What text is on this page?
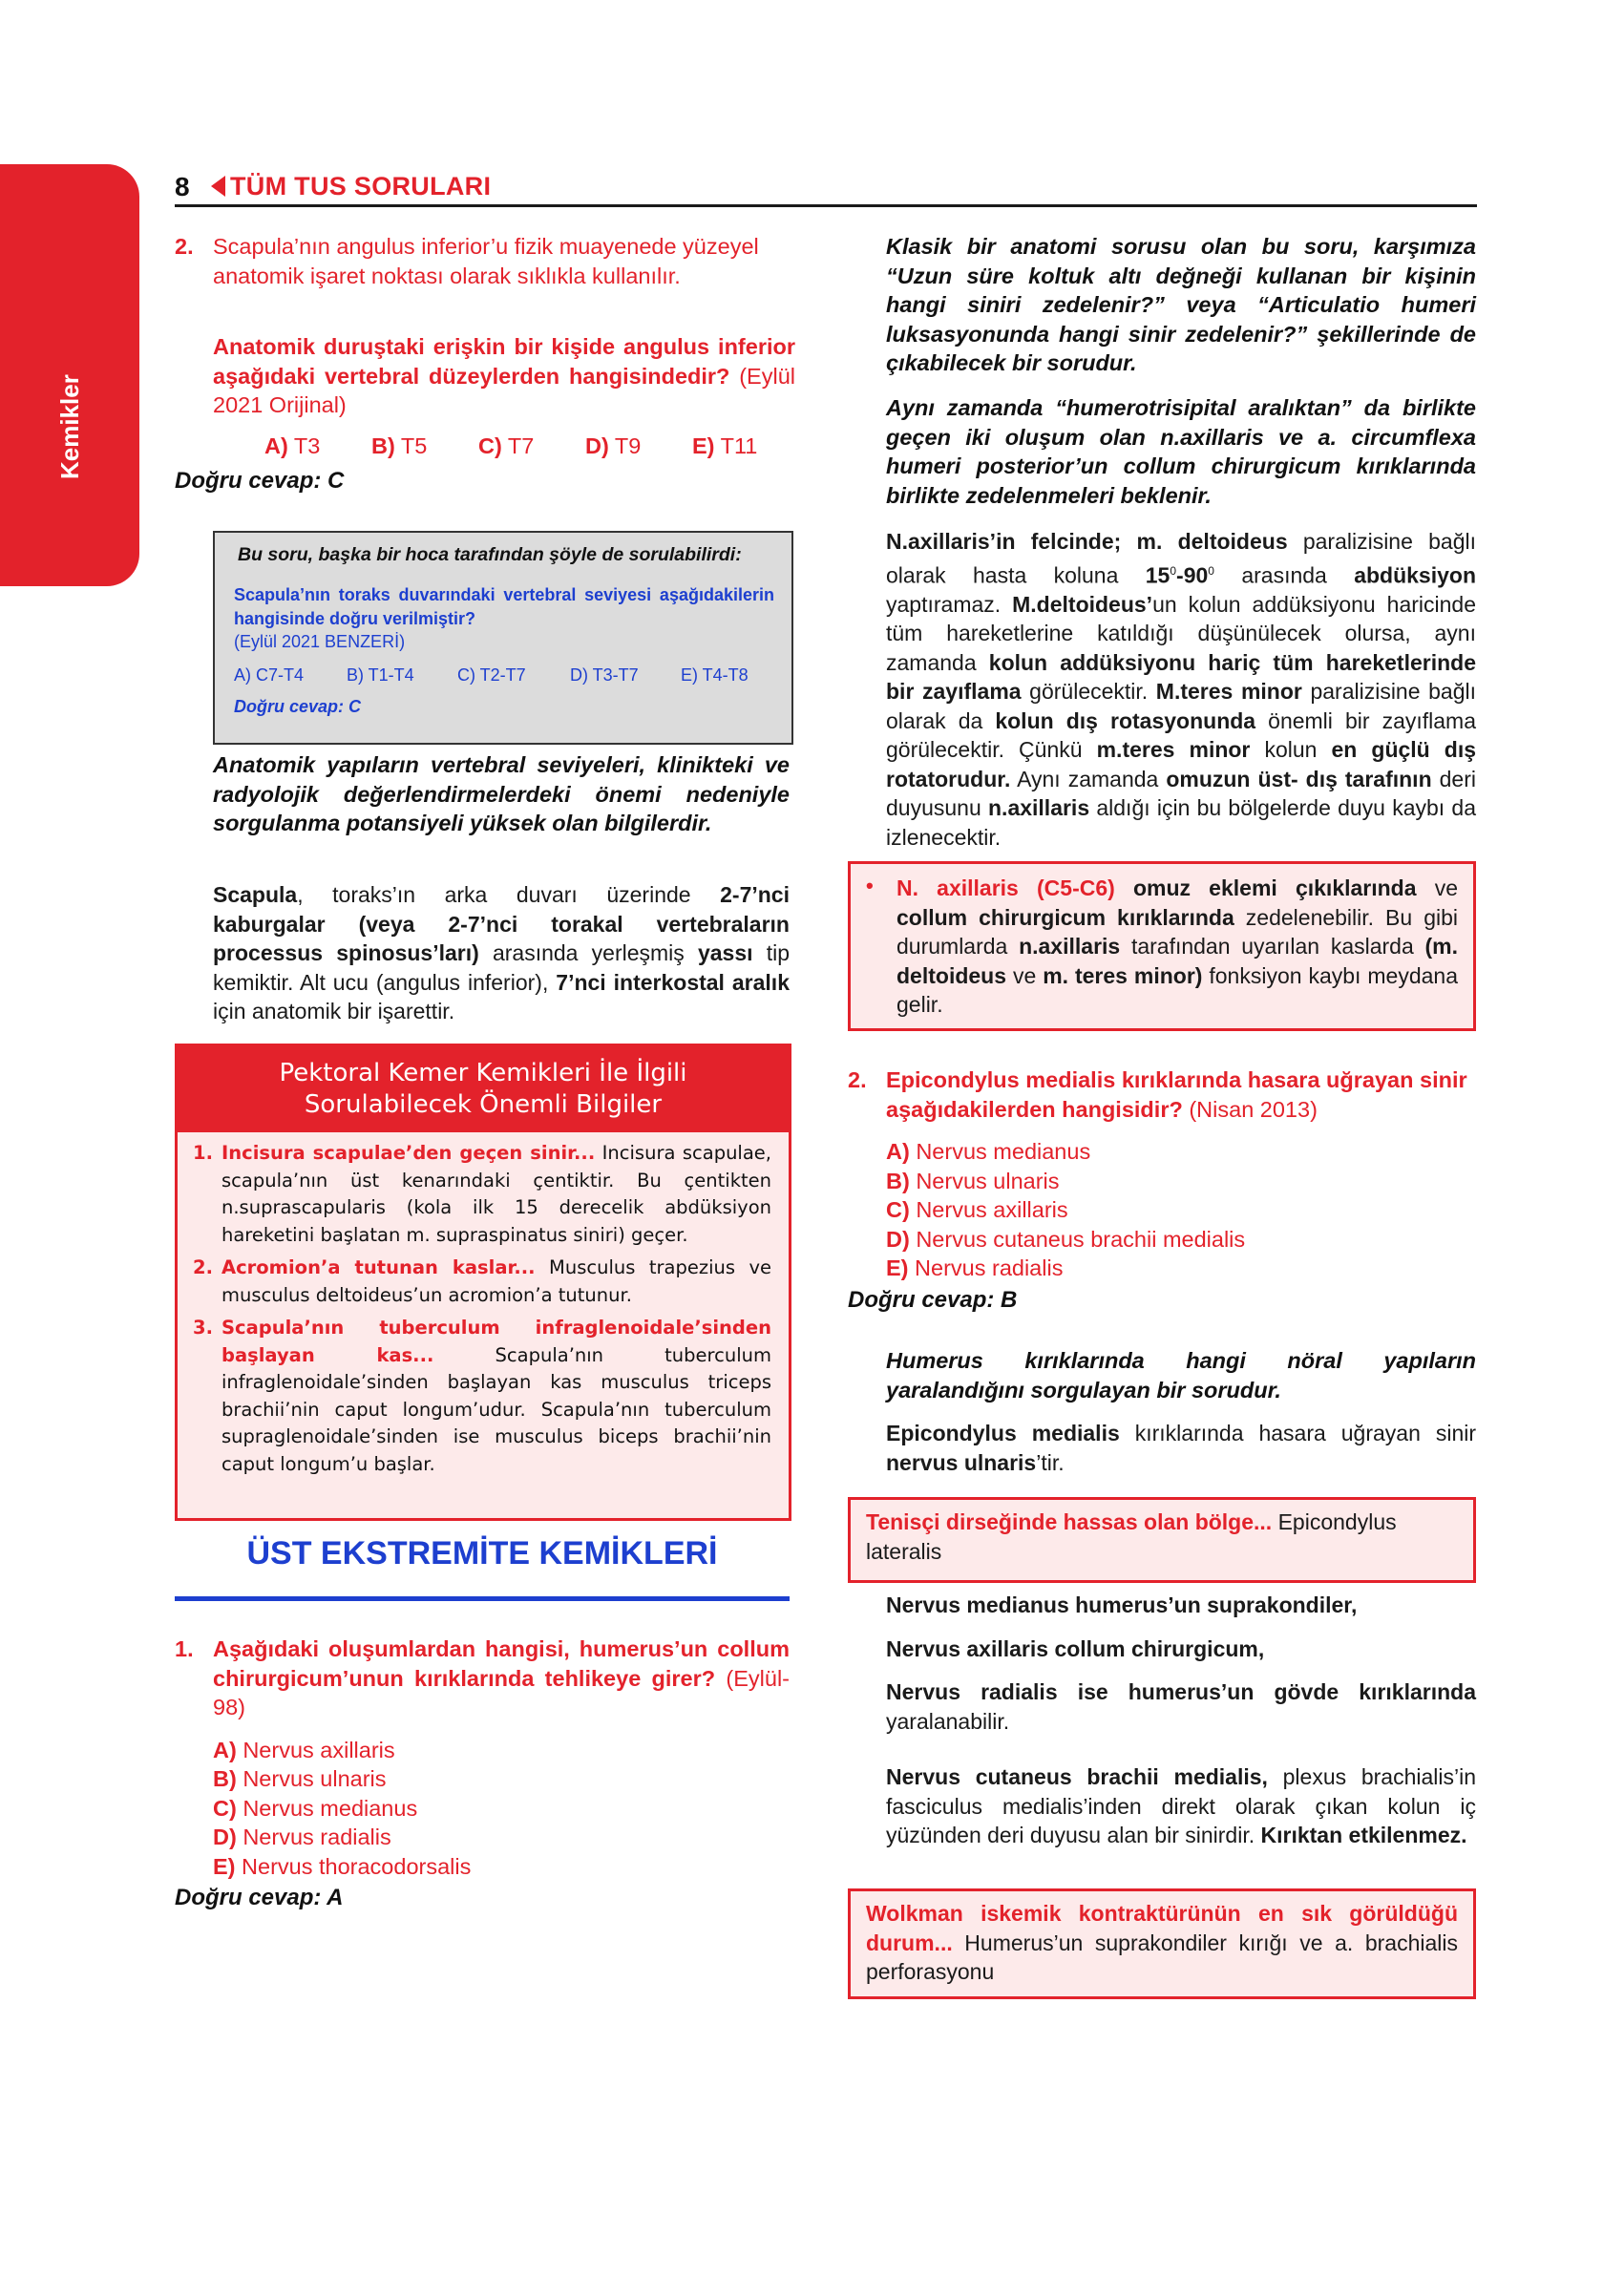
Kemikler
8 TÜM TUS SORULARI
2. Scapula’nın angulus inferior’u fizik muayenede yüzeyel anatomik işaret noktası olarak sıklıkla kullanılır.

Anatomik duruştaki erişkin bir kişide angulus inferior aşağıdaki vertebral düzeylerden hangisindedir? (Eylül 2021 Orijinal)

A) T3	B) T5	C) T7	D) T9	E) T11

Doğru cevap: C

Bu soru, başka bir hoca tarafından şöyle de sorulabilirdi:

Scapula’nın toraks duvarındaki vertebral seviyesi aşağıdakilerin hangisinde doğru verilmiştir?

(Eylül 2021 BENZERİ)

A) C7-T4	B) T1-T4	C) T2-T7	D) T3-T7	E) T4-T8

Doğru cevap: C

Anatomik yapıların vertebral seviyeleri, klinikteki ve radyolojik değerlendirmelerdeki önemi nedeniyle sorgulanma potansiyeli yüksek olan bilgilerdir.

Scapula, toraks’ın arka duvarı üzerinde 2-7’nci kaburgalar (veya 2-7’nci torakal vertebraların processus spinosus’ları) arasında yerleşmiş yassı tip kemiktir. Alt ucu (angulus inferior), 7’nci interkostal aralık için anatomik bir işarettir.

Pektoral Kemer Kemikleri İle İlgili
Sorulabilecek Önemli Bilgiler
1. Incisura scapulae’den geçen sinir... Incisura scapulae, scapula’nın üst kenarındaki çentiktir. Bu çentikten n.suprascapularis (kola ilk 15 derecelik abdüksiyon hareketini başlatan m. supraspinatus siniri) geçer.
2. Acromion’a tutunan kaslar... Musculus trapezius ve musculus deltoideus’un acromion’a tutunur.
3. Scapula’nın tuberculum infraglenoidale’sinden başlayan kas... Scapula’nın tuberculum infraglenoidale’sinden başlayan kas musculus triceps brachii’nin caput longum’udur. Scapula’nın tuberculum supraglenoidale’sinden ise musculus biceps brachii’nin caput longum’u başlar.
ÜST EKSTREMİTE KEMİKLERİ
1. Aşağıdaki oluşumlardan hangisi, humerus’un collum chirurgicum’unun kırıklarında tehlikeye girer? (Eylül-98)

A) Nervus axillaris
B) Nervus ulnaris
C) Nervus medianus
D) Nervus radialis
E) Nervus thoracodorsalis

Doğru cevap: A

Klasik bir anatomi sorusu olan bu soru, karşımıza “Uzun süre koltuk altı değneği kullanan bir kişinin hangi siniri zedelenir?” veya “Articulatio humeri luksasyonunda hangi sinir zedelenir?” şekillerinde de çıkabilecek bir sorudur.

Aynı zamanda “humerotrisipital aralıktan” da birlikte geçen iki oluşum olan n.axillaris ve a. circumflexa humeri posterior’un collum chirurgicum kırıklarında birlikte zedelenmeleri beklenir.

N.axillaris’in felcinde; m. deltoideus paralizisine bağlı olarak hasta koluna $15^0-90^0$ arasında abdüksiyon yaptıramaz. M.deltoideus’un kolun addüksiyonu haricinde tüm hareketlerine katıldığı düşünülecek olursa, aynı zamanda kolun addüksiyonu hariç tüm hareketlerinde bir zayıflama görülecektir. M.teres minor paralizisine bağlı olarak da kolun dış rotasyonunda önemli bir zayıflama görülecektir. Çünkü m.teres minor kolun en güçlü dış rotatorudur. Aynı zamanda omuzun üst- dış tarafının deri duyusunu n.axillaris aldığı için bu bölgelerde duyu kaybı da izlenecektir.

• N. axillaris (C5-C6) omuz eklemi çıkıklarında ve collum chirurgicum kırıklarında zedelenebilir. Bu gibi durumlarda n.axillaris tarafından uyarılan kaslarda (m. deltoideus ve m. teres minor) fonksiyon kaybı meydana gelir.

2. Epicondylus medialis kırıklarında hasara uğrayan sinir aşağıdakilerden hangisidir? (Nisan 2013)

A) Nervus medianus
B) Nervus ulnaris
C) Nervus axillaris
D) Nervus cutaneus brachii medialis
E) Nervus radialis

Doğru cevap: B

Humerus kırıklarında hangi nöral yapıların yaralandığını sorgulayan bir sorudur.

Epicondylus medialis kırıklarında hasara uğrayan sinir nervus ulnaris’tir.

Tenisçi dirseğinde hassas olan bölge... Epicondylus lateralis

Nervus medianus humerus’un suprakondiler,

Nervus axillaris collum chirurgicum,

Nervus radialis ise humerus’un gövde kırıklarında yaralanabilir.

Nervus cutaneus brachii medialis, plexus brachialis’in fasciculus medialis’inden direkt olarak çıkan kolun iç yüzünden deri duyusu alan bir sinirdir. Kırıktan etkilenmez.

Wolkman iskemik kontraktürünün en sık görüldüğü durum... Humerus’un suprakondiler kırığı ve a. brachialis perforasyonu
